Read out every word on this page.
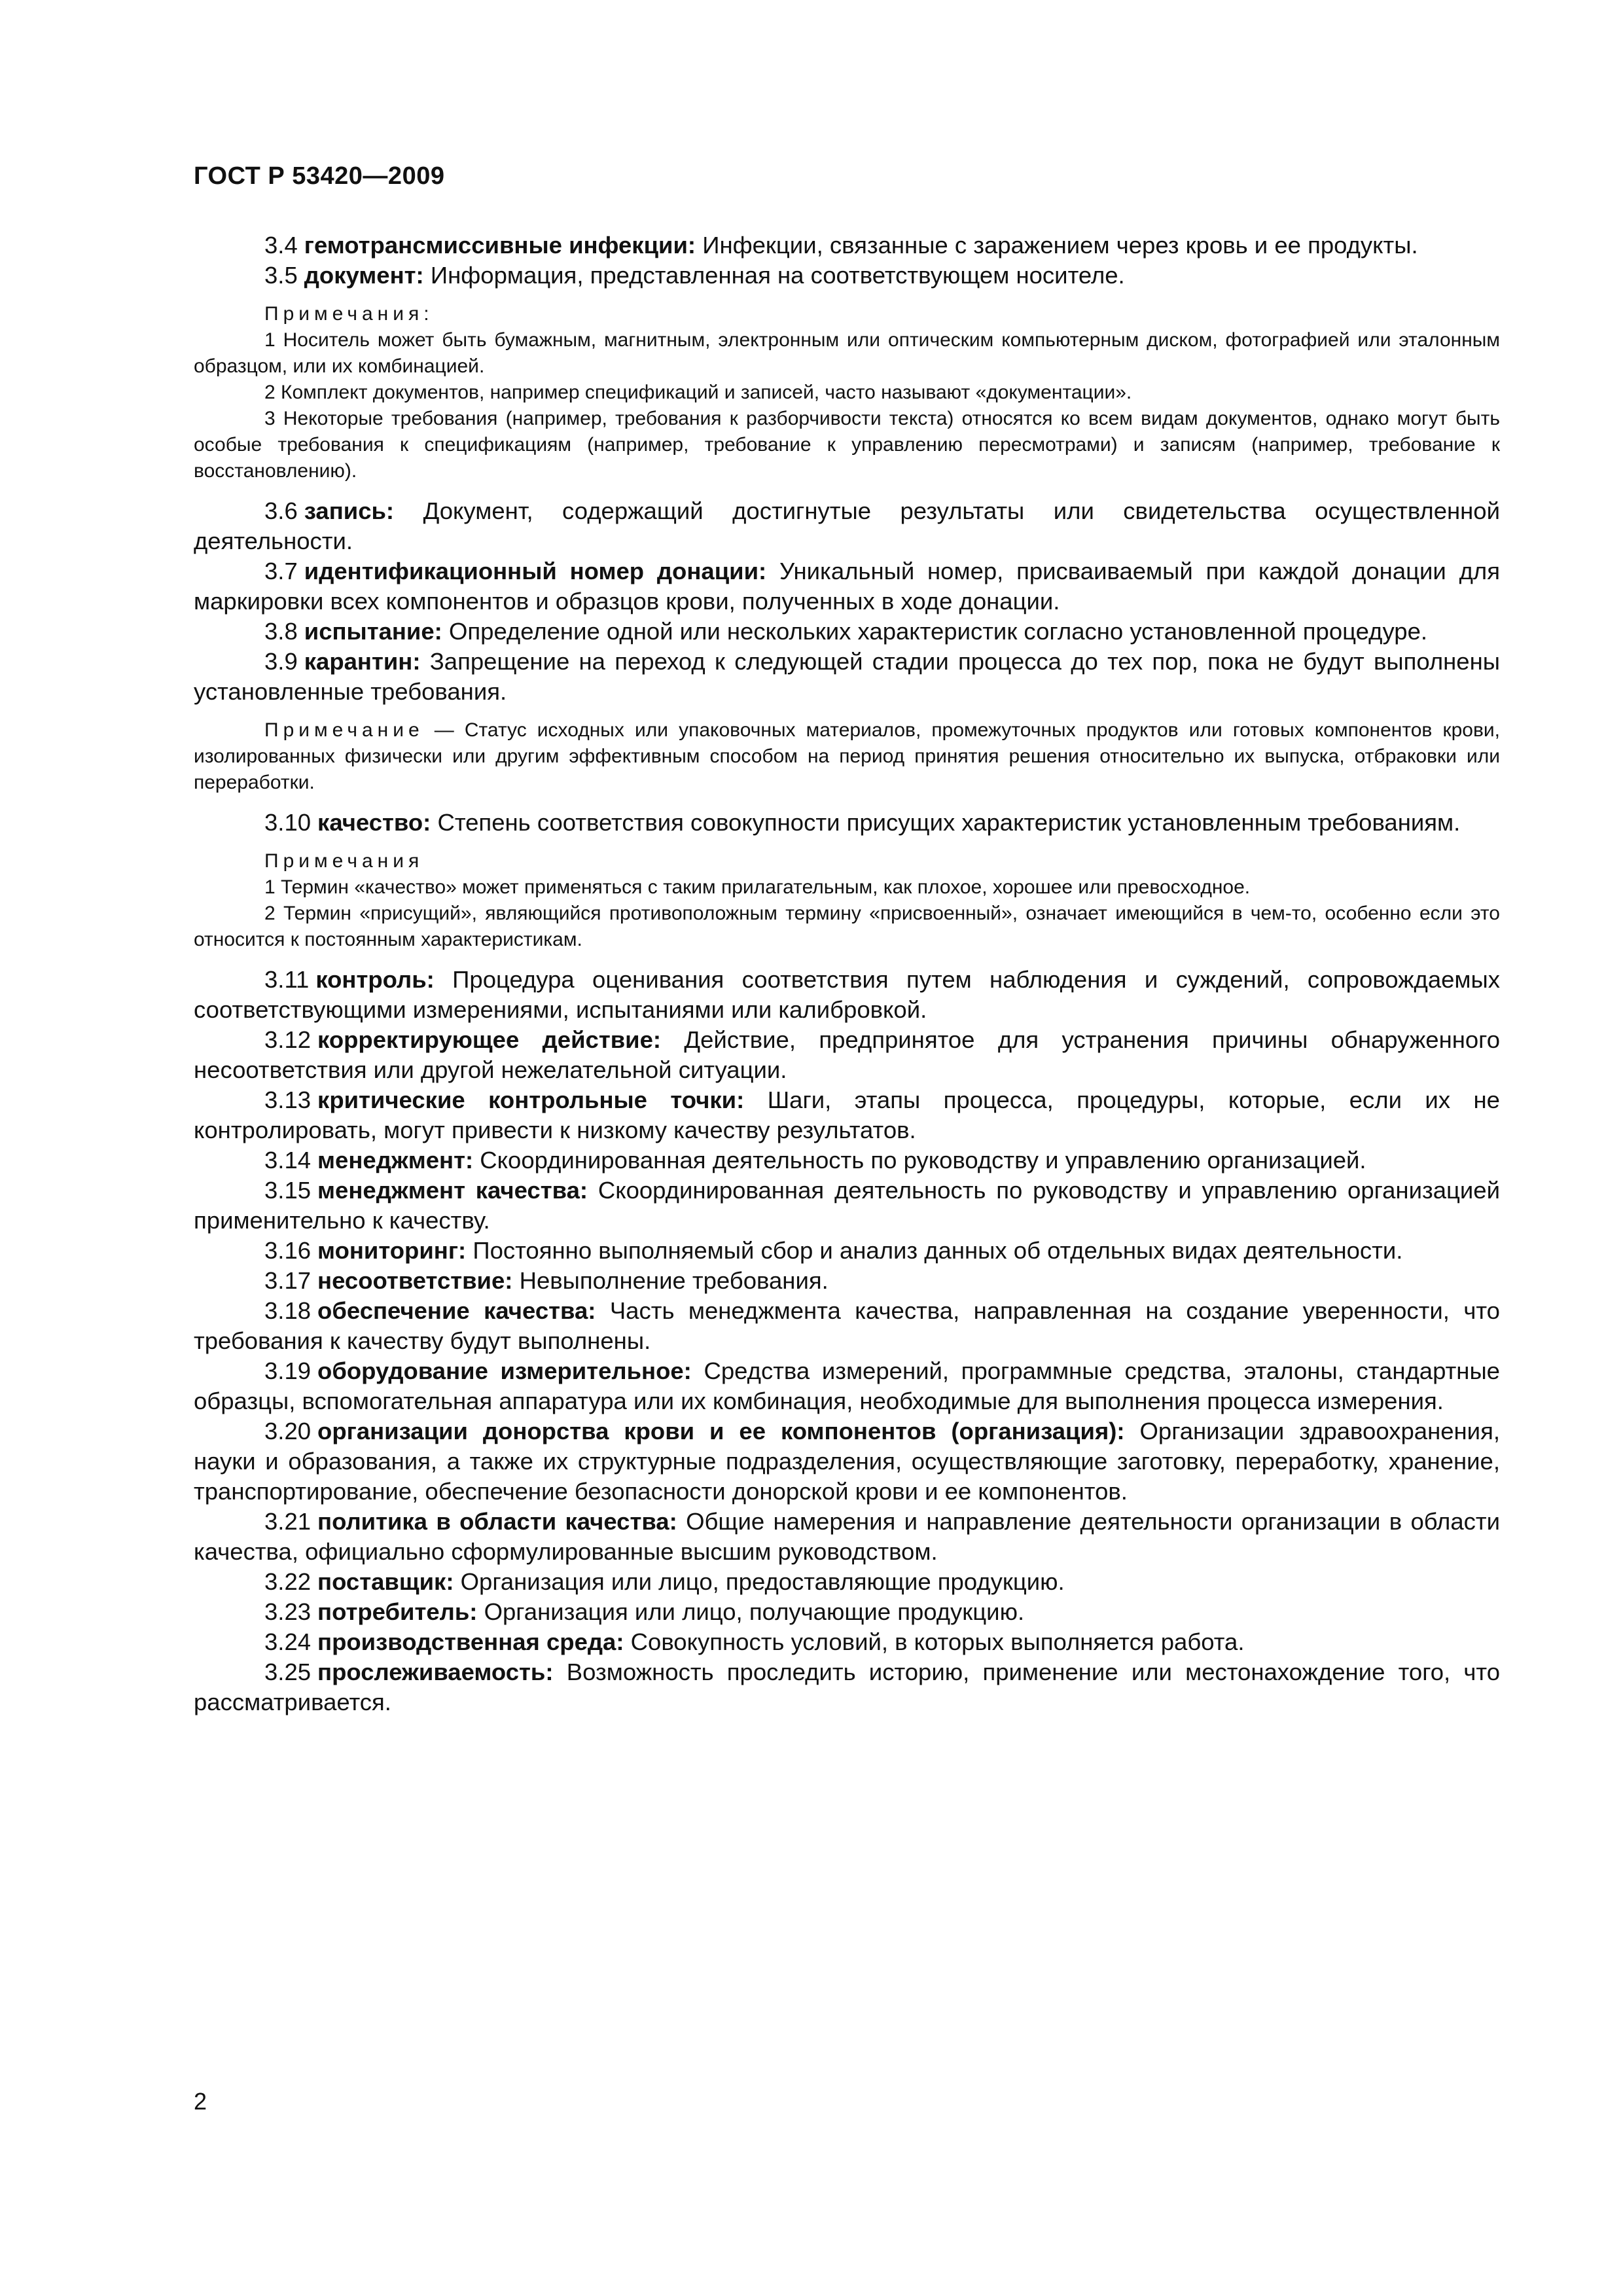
ГОСТ Р 53420—2009

3.4 гемотрансмиссивные инфекции: Инфекции, связанные с заражением через кровь и ее продукты.

3.5 документ: Информация, представленная на соответствующем носителе.

Примечания:

1 Носитель может быть бумажным, магнитным, электронным или оптическим компьютерным диском, фотографией или эталонным образцом, или их комбинацией.

2 Комплект документов, например спецификаций и записей, часто называют «документации».

3 Некоторые требования (например, требования к разборчивости текста) относятся ко всем видам документов, однако могут быть особые требования к спецификациям (например, требование к управлению пересмотрами) и записям (например, требование к восстановлению).

3.6 запись: Документ, содержащий достигнутые результаты или свидетельства осуществленной деятельности.

3.7 идентификационный номер донации: Уникальный номер, присваиваемый при каждой донации для маркировки всех компонентов и образцов крови, полученных в ходе донации.

3.8 испытание: Определение одной или нескольких характеристик согласно установленной процедуре.

3.9 карантин: Запрещение на переход к следующей стадии процесса до тех пор, пока не будут выполнены установленные требования.

Примечание — Статус исходных или упаковочных материалов, промежуточных продуктов или готовых компонентов крови, изолированных физически или другим эффективным способом на период принятия решения относительно их выпуска, отбраковки или переработки.

3.10 качество: Степень соответствия совокупности присущих характеристик установленным требованиям.

Примечания

1 Термин «качество» может применяться с таким прилагательным, как плохое, хорошее или превосходное.

2 Термин «присущий», являющийся противоположным термину «присвоенный», означает имеющийся в чем-то, особенно если это относится к постоянным характеристикам.

3.11 контроль: Процедура оценивания соответствия путем наблюдения и суждений, сопровождаемых соответствующими измерениями, испытаниями или калибровкой.

3.12 корректирующее действие: Действие, предпринятое для устранения причины обнаруженного несоответствия или другой нежелательной ситуации.

3.13 критические контрольные точки: Шаги, этапы процесса, процедуры, которые, если их не контролировать, могут привести к низкому качеству результатов.

3.14 менеджмент: Скоординированная деятельность по руководству и управлению организацией.

3.15 менеджмент качества: Скоординированная деятельность по руководству и управлению организацией применительно к качеству.

3.16 мониторинг: Постоянно выполняемый сбор и анализ данных об отдельных видах деятельности.

3.17 несоответствие: Невыполнение требования.

3.18 обеспечение качества: Часть менеджмента качества, направленная на создание уверенности, что требования к качеству будут выполнены.

3.19 оборудование измерительное: Средства измерений, программные средства, эталоны, стандартные образцы, вспомогательная аппаратура или их комбинация, необходимые для выполнения процесса измерения.

3.20 организации донорства крови и ее компонентов (организация): Организации здравоохранения, науки и образования, а также их структурные подразделения, осуществляющие заготовку, переработку, хранение, транспортирование, обеспечение безопасности донорской крови и ее компонентов.

3.21 политика в области качества: Общие намерения и направление деятельности организации в области качества, официально сформулированные высшим руководством.

3.22 поставщик: Организация или лицо, предоставляющие продукцию.

3.23 потребитель: Организация или лицо, получающие продукцию.

3.24 производственная среда: Совокупность условий, в которых выполняется работа.

3.25 прослеживаемость: Возможность проследить историю, применение или местонахождение того, что рассматривается.

2
